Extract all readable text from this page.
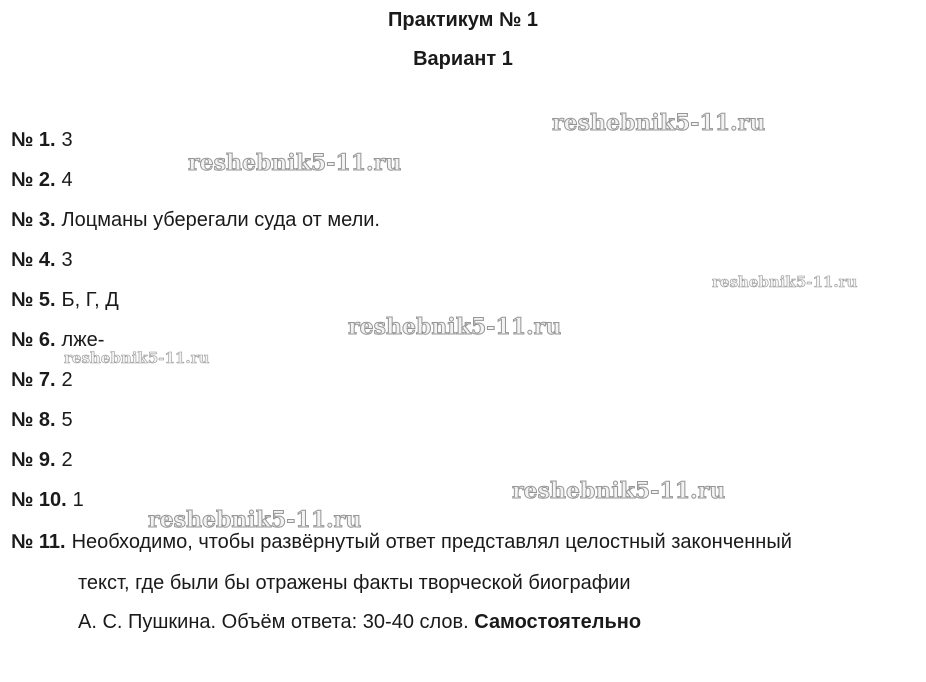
Практикум № 1
Вариант 1
№ 1. 3
№ 2. 4
№ 3. Лоцманы уберегали суда от мели.
№ 4. 3
№ 5. Б, Г, Д
№ 6. лже-
№ 7. 2
№ 8. 5
№ 9. 2
№ 10. 1
№ 11. Необходимо, чтобы развёрнутый ответ представлял целостный законченный
текст, где были бы отражены факты творческой биографии
А. С. Пушкина. Объём ответа: 30-40 слов. Самостоятельно
reshebnik5-11.ru
reshebnik5-11.ru
reshebnik5-11.ru
reshebnik5-11.ru
reshebnik5-11.ru
reshebnik5-11.ru
reshebnik5-11.ru
